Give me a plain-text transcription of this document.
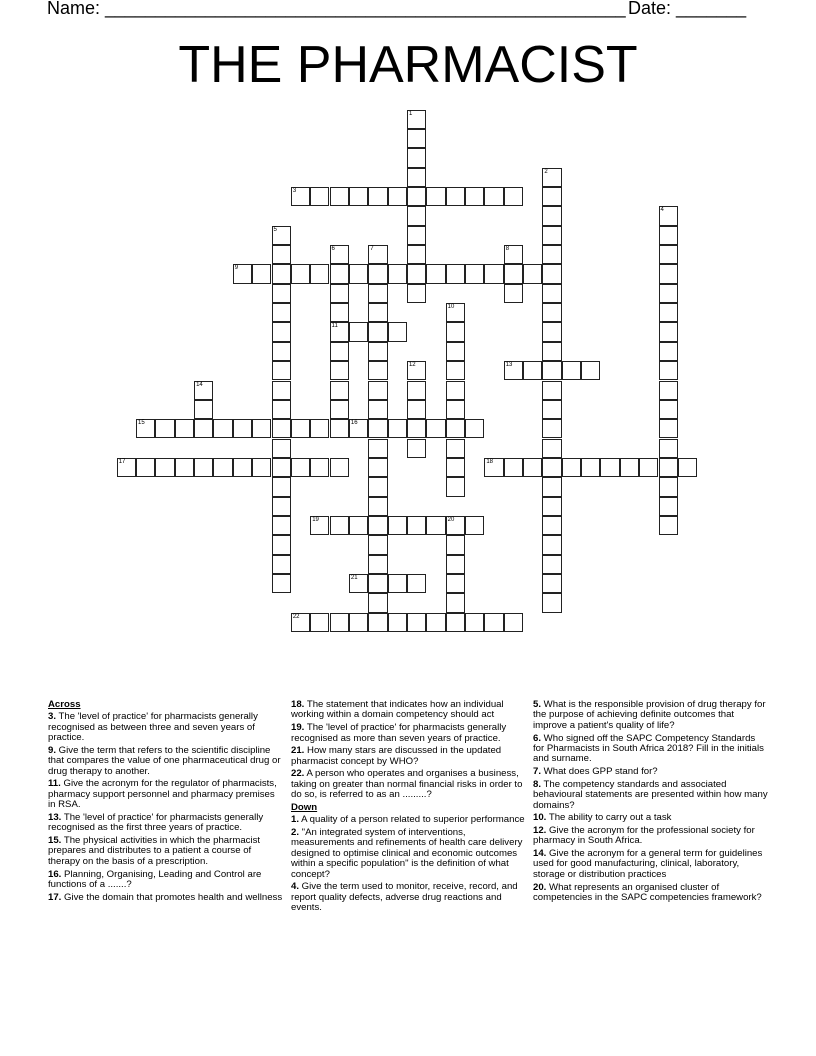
Name: ____________________________________________________ Date: _______
THE PHARMACIST
1
2
3
4
5
6
11
7	8
9
10
12	13
14
15	16
17	18
19	20
21
22
Across
3. The 'level of practice' for pharmacists generally recognised as between three and seven years of practice.
9. Give the term that refers to the scientific discipline that compares the value of one pharmaceutical drug or drug therapy to another.
11. Give the acronym for the regulator of pharmacists, pharmacy support personnel and pharmacy premises in RSA.
13. The 'level of practice' for pharmacists generally recognised as the first three years of practice.
15. The physical activities in which the pharmacist prepares and distributes to a patient a course of therapy on the basis of a prescription.
16. Planning, Organising, Leading and Control are functions of a .......?
17. Give the domain that promotes health and wellness
18. The statement that indicates how an individual working within a domain competency should act
19. The 'level of practice' for pharmacists generally recognised as more than seven years of practice.
21. How many stars are discussed in the updated pharmacist concept by WHO?
22. A person who operates and organises a business, taking on greater than normal financial risks in order to do so, is referred to as an .........?
Down
1. A quality of a person related to superior performance
2. "An integrated system of interventions, measurements and refinements of health care delivery designed to optimise clinical and economic outcomes within a specific population" is the definition of what concept?
4. Give the term used to monitor, receive, record, and report quality defects, adverse drug reactions and events.
5. What is the responsible provision of drug therapy for the purpose of achieving definite outcomes that improve a patient's quality of life?
6. Who signed off the SAPC Competency Standards for Pharmacists in South Africa 2018? Fill in the initials and surname.
7. What does GPP stand for?
8. The competency standards and associated behavioural statements are presented within how many domains?
10. The ability to carry out a task
12. Give the acronym for the professional society for pharmacy in South Africa.
14. Give the acronym for a general term for guidelines used for good manufacturing, clinical, laboratory, storage or distribution practices
20. What represents an organised cluster of competencies in the SAPC competencies framework?
